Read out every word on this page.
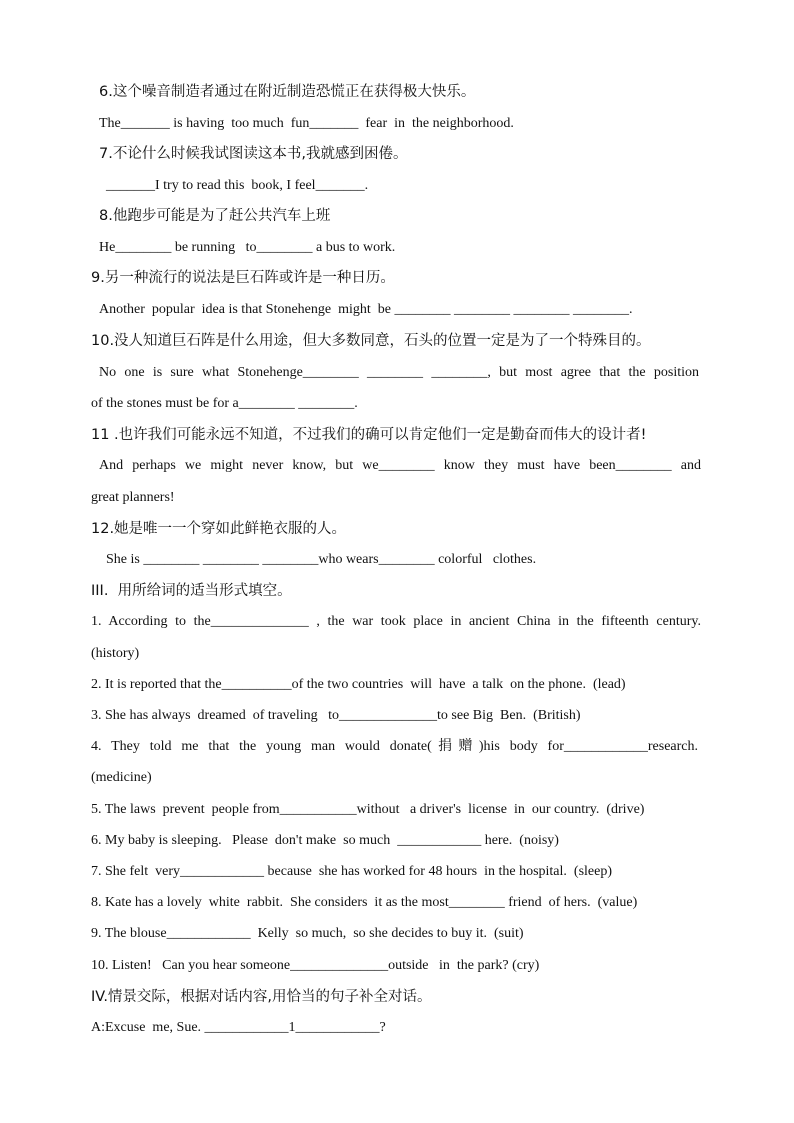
6.这个噪音制造者通过在附近制造恐慌正在获得极大快乐。
The_______ is having  too much  fun_______  fear  in  the neighborhood.
7.不论什么时候我试图读这本书,我就感到困倦。
_______I try to read this  book, I feel_______.
8.他跑步可能是为了赶公共汽车上班
He________ be running   to________ a bus to work.
9.另一种流行的说法是巨石阵或许是一种日历。
Another  popular  idea is that Stonehenge  might  be ________ ________ ________ ________.
10.没人知道巨石阵是什么用途，但大多数同意，石头的位置一定是为了一个特殊目的。
No one is sure what Stonehenge________ ________ ________, but most agree that the position
of the stones must be for a________ ________.
11 .也许我们可能永远不知道，不过我们的确可以肯定他们一定是勤奋而伟大的设计者!
And perhaps we might never know, but we________ know they must have been________ and
great planners!
12.她是唯一一个穿如此鲜艳衣服的人。
She is ________ ________ ________who wears________ colorful   clothes.
III.  用所给词的适当形式填空。
1. According to the______________ , the war took place in ancient China in the fifteenth century.
(history)
2. It is reported that the__________of the two countries  will  have  a talk  on the phone.  (lead)
3. She has always  dreamed  of traveling   to______________to see Big  Ben.  (British)
4. They told me that the young man would donate(捐赠)his body for____________research.
(medicine)
5. The laws  prevent  people from___________without   a driver's  license  in  our country.  (drive)
6. My baby is sleeping.   Please  don't make  so much  ____________ here.  (noisy)
7. She felt  very____________ because  she has worked for 48 hours  in the hospital.  (sleep)
8. Kate has a lovely  white  rabbit.  She considers  it as the most________ friend  of hers.  (value)
9. The blouse____________  Kelly  so much,  so she decides to buy it.  (suit)
10. Listen!   Can you hear someone______________outside   in  the park? (cry)
IV.情景交际，根据对话内容,用恰当的句子补全对话。
A:Excuse  me, Sue. ____________1____________?
